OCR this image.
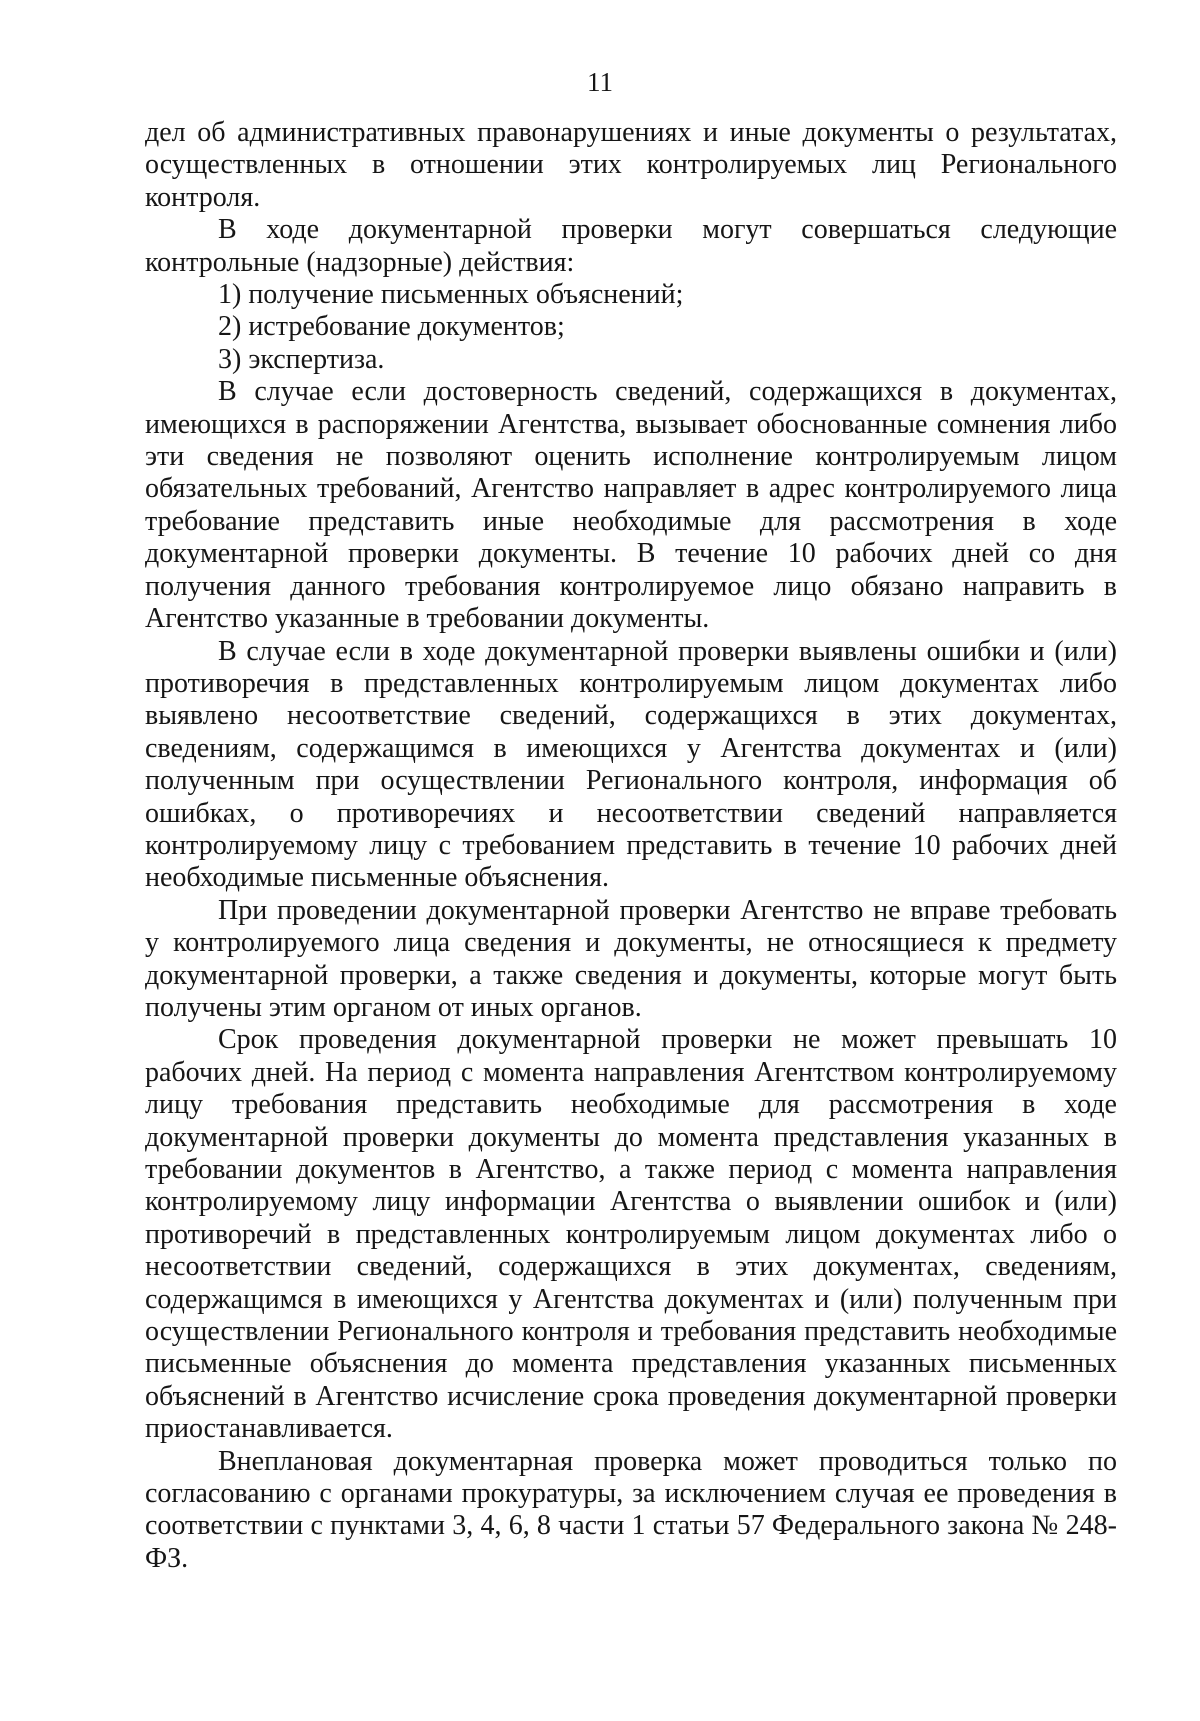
11

дел об административных правонарушениях и иные документы о результатах, осуществленных в отношении этих контролируемых лиц Регионального контроля.

В ходе документарной проверки могут совершаться следующие контрольные (надзорные) действия:

1) получение письменных объяснений;

2) истребование документов;

3) экспертиза.

В случае если достоверность сведений, содержащихся в документах, имеющихся в распоряжении Агентства, вызывает обоснованные сомнения либо эти сведения не позволяют оценить исполнение контролируемым лицом обязательных требований, Агентство направляет в адрес контролируемого лица требование представить иные необходимые для рассмотрения в ходе документарной проверки документы. В течение 10 рабочих дней со дня получения данного требования контролируемое лицо обязано направить в Агентство указанные в требовании документы.

В случае если в ходе документарной проверки выявлены ошибки и (или) противоречия в представленных контролируемым лицом документах либо выявлено несоответствие сведений, содержащихся в этих документах, сведениям, содержащимся в имеющихся у Агентства документах и (или) полученным при осуществлении Регионального контроля, информация об ошибках, о противоречиях и несоответствии сведений направляется контролируемому лицу с требованием представить в течение 10 рабочих дней необходимые письменные объяснения.

При проведении документарной проверки Агентство не вправе требовать у контролируемого лица сведения и документы, не относящиеся к предмету документарной проверки, а также сведения и документы, которые могут быть получены этим органом от иных органов.

Срок проведения документарной проверки не может превышать 10 рабочих дней. На период с момента направления Агентством контролируемому лицу требования представить необходимые для рассмотрения в ходе документарной проверки документы до момента представления указанных в требовании документов в Агентство, а также период с момента направления контролируемому лицу информации Агентства о выявлении ошибок и (или) противоречий в представленных контролируемым лицом документах либо о несоответствии сведений, содержащихся в этих документах, сведениям, содержащимся в имеющихся у Агентства документах и (или) полученным при осуществлении Регионального контроля и требования представить необходимые письменные объяснения до момента представления указанных письменных объяснений в Агентство исчисление срока проведения документарной проверки приостанавливается.

Внеплановая документарная проверка может проводиться только по согласованию с органами прокуратуры, за исключением случая ее проведения в соответствии с пунктами 3, 4, 6, 8 части 1 статьи 57 Федерального закона № 248-ФЗ.
